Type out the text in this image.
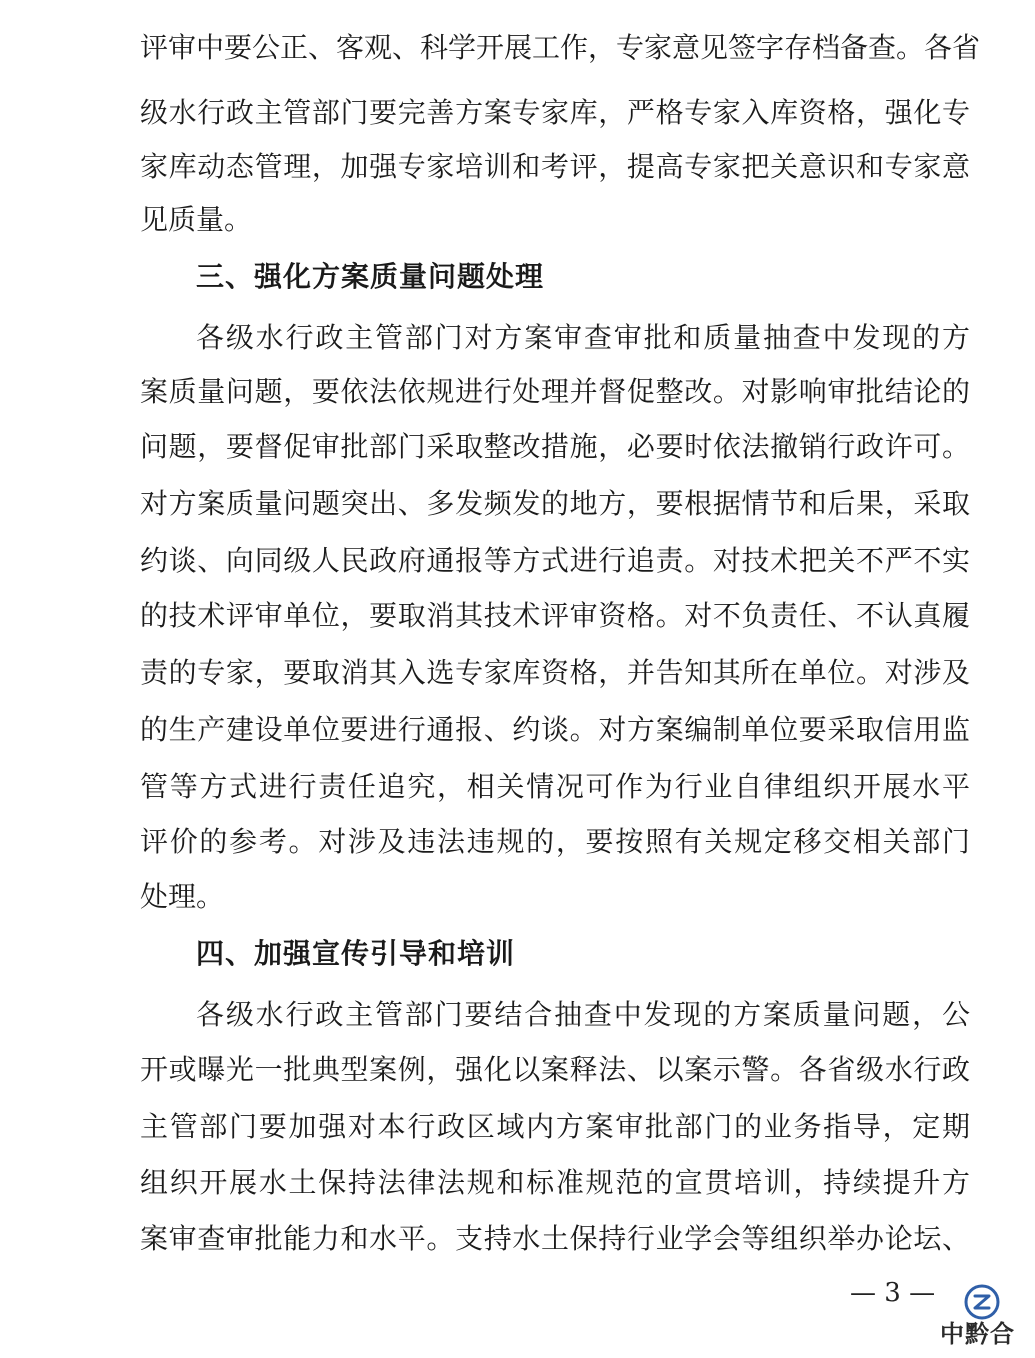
评审中要公正、客观、科学开展工作，专家意见签字存档备查。各省
级水行政主管部门要完善方案专家库，严格专家入库资格，强化专
家库动态管理，加强专家培训和考评，提高专家把关意识和专家意
见质量。
三、强化方案质量问题处理
各级水行政主管部门对方案审查审批和质量抽查中发现的方
案质量问题，要依法依规进行处理并督促整改。对影响审批结论的
问题，要督促审批部门采取整改措施，必要时依法撤销行政许可。
对方案质量问题突出、多发频发的地方，要根据情节和后果，采取
约谈、向同级人民政府通报等方式进行追责。对技术把关不严不实
的技术评审单位，要取消其技术评审资格。对不负责任、不认真履
责的专家，要取消其入选专家库资格，并告知其所在单位。对涉及
的生产建设单位要进行通报、约谈。对方案编制单位要采取信用监
管等方式进行责任追究，相关情况可作为行业自律组织开展水平
评价的参考。对涉及违法违规的，要按照有关规定移交相关部门
处理。
四、加强宣传引导和培训
各级水行政主管部门要结合抽查中发现的方案质量问题，公
开或曝光一批典型案例，强化以案释法、以案示警。各省级水行政
主管部门要加强对本行政区域内方案审批部门的业务指导，定期
组织开展水土保持法律法规和标准规范的宣贯培训，持续提升方
案审查审批能力和水平。支持水土保持行业学会等组织举办论坛、
— 3 —
中黔合
